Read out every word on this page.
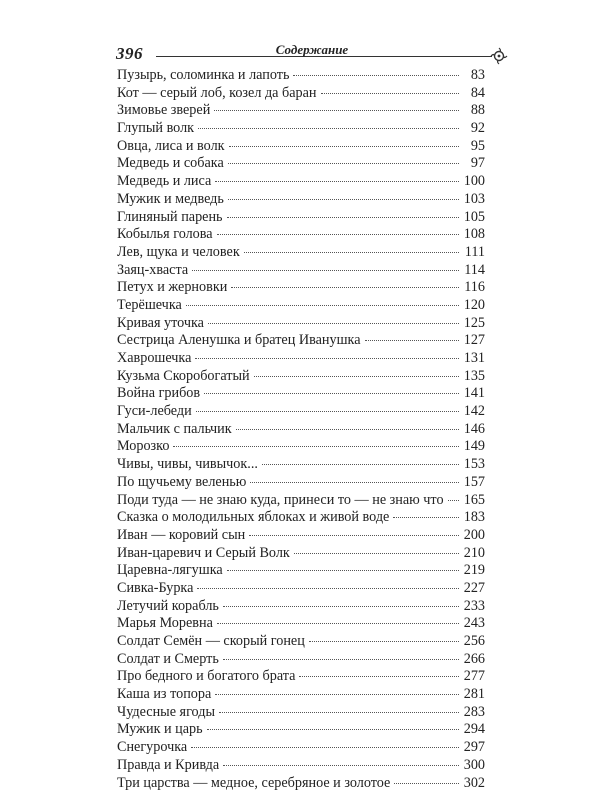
396	Содержание
Пузырь, соломинка и лапоть	83
Кот — серый лоб, козел да баран	84
Зимовье зверей	88
Глупый волк	92
Овца, лиса и волк	95
Медведь и собака	97
Медведь и лиса	100
Мужик и медведь	103
Глиняный парень	105
Кобылья голова	108
Лев, щука и человек	111
Заяц-хваста	114
Петух и жерновки	116
Терёшечка	120
Кривая уточка	125
Сестрица Аленушка и братец Иванушка	127
Хаврошечка	131
Кузьма Скоробогатый	135
Война грибов	141
Гуси-лебеди	142
Мальчик с пальчик	146
Морозко	149
Чивы, чивы, чивычок...	153
По щучьему веленью	157
Поди туда — не знаю куда, принеси то — не знаю что 165
Сказка о молодильных яблоках и живой воде	183
Иван — коровий сын	200
Иван-царевич и Серый Волк	210
Царевна-лягушка	219
Сивка-Бурка	227
Летучий корабль	233
Марья Моревна	243
Солдат Семён — скорый гонец	256
Солдат и Смерть	266
Про бедного и богатого брата	277
Каша из топора	281
Чудесные ягоды	283
Мужик и царь	294
Снегурочка	297
Правда и Кривда	300
Три царства — медное, серебряное и золотое	302
